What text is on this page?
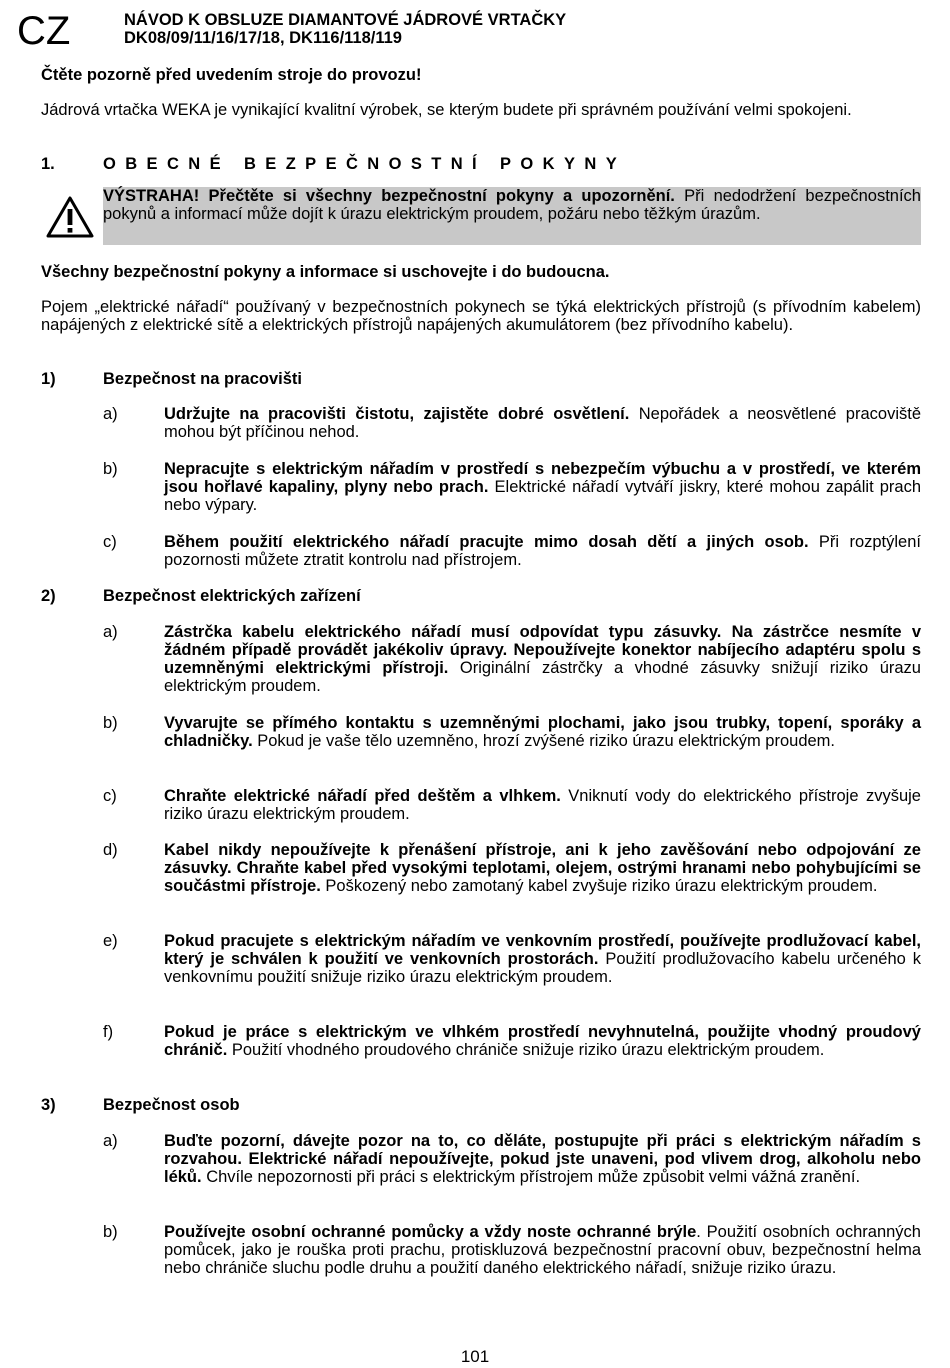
CZ	NÁVOD K OBSLUZE DIAMANTOVÉ JÁDROVÉ VRTAČKY
DK08/09/11/16/17/18, DK116/118/119
Čtěte pozorně před uvedením stroje do provozu!
Jádrová vrtačka WEKA je vynikající kvalitní výrobek, se kterým budete při správném používání velmi spokojeni.
1.	OBECNÉ BEZPEČNOSTNÍ POKYNY
VÝSTRAHA! Přečtěte si všechny bezpečnostní pokyny a upozornění. Při nedodržení bezpečnostních pokynů a informací může dojít k úrazu elektrickým proudem, požáru nebo těžkým úrazům.
Všechny bezpečnostní pokyny a informace si uschovejte i do budoucna.
Pojem „elektrické nářadí“ používaný v bezpečnostních pokynech se týká elektrických přístrojů (s přívodním kabelem) napájených z elektrické sítě a elektrických přístrojů napájených akumulátorem (bez přívodního kabelu).
1)	Bezpečnost na pracovišti
a)	Udržujte na pracovišti čistotu, zajistěte dobré osvětlení. Nepořádek a neosvětlené pracoviště mohou být příčinou nehod.
b)	Nepracujte s elektrickým nářadím v prostředí s nebezpečím výbuchu a v prostředí, ve kterém jsou hořlavé kapaliny, plyny nebo prach. Elektrické nářadí vytváří jiskry, které mohou zapálit prach nebo výpary.
c)	Během použití elektrického nářadí pracujte mimo dosah dětí a jiných osob. Při rozptýlení pozornosti můžete ztratit kontrolu nad přístrojem.
2)	Bezpečnost elektrických zařízení
a)	Zástrčka kabelu elektrického nářadí musí odpovídat typu zásuvky. Na zástrčce nesmíte v žádném případě provádět jakékoliv úpravy. Nepoužívejte konektor nabíjecího adaptéru spolu s uzemněnými elektrickými přístroji. Originální zástrčky a vhodné zásuvky snižují riziko úrazu elektrickým proudem.
b)	Vyvarujte se přímého kontaktu s uzemněnými plochami, jako jsou trubky, topení, sporáky a chladničky. Pokud je vaše tělo uzemněno, hrozí zvýšené riziko úrazu elektrickým proudem.
c)	Chraňte elektrické nářadí před deštěm a vlhkem. Vniknutí vody do elektrického přístroje zvyšuje riziko úrazu elektrickým proudem.
d)	Kabel nikdy nepoužívejte k přenášení přístroje, ani k jeho zavěšování nebo odpojování ze zásuvky. Chraňte kabel před vysokými teplotami, olejem, ostrými hranami nebo pohybujícími se součástmi přístroje. Poškozený nebo zamotaný kabel zvyšuje riziko úrazu elektrickým proudem.
e)	Pokud pracujete s elektrickým nářadím ve venkovním prostředí, používejte prodlužovací kabel, který je schválen k použití ve venkovních prostorách. Použití prodlužovacího kabelu určeného k venkovnímu použití snižuje riziko úrazu elektrickým proudem.
f)	Pokud je práce s elektrickým ve vlhkém prostředí nevyhnutelná, použijte vhodný proudový chránič. Použití vhodného proudového chrániče snižuje riziko úrazu elektrickým proudem.
3)	Bezpečnost osob
a)	Buďte pozorní, dávejte pozor na to, co děláte, postupujte při práci s elektrickým nářadím s rozvahou. Elektrické nářadí nepoužívejte, pokud jste unaveni, pod vlivem drog, alkoholu nebo léků. Chvíle nepozornosti při práci s elektrickým přístrojem může způsobit velmi vážná zranění.
b)	Používejte osobní ochranné pomůcky a vždy noste ochranné brýle. Použití osobních ochranných pomůcek, jako je rouška proti prachu, protiskluzová bezpečnostní pracovní obuv, bezpečnostní helma nebo chrániče sluchu podle druhu a použití daného elektrického nářadí, snižuje riziko úrazu.
101
